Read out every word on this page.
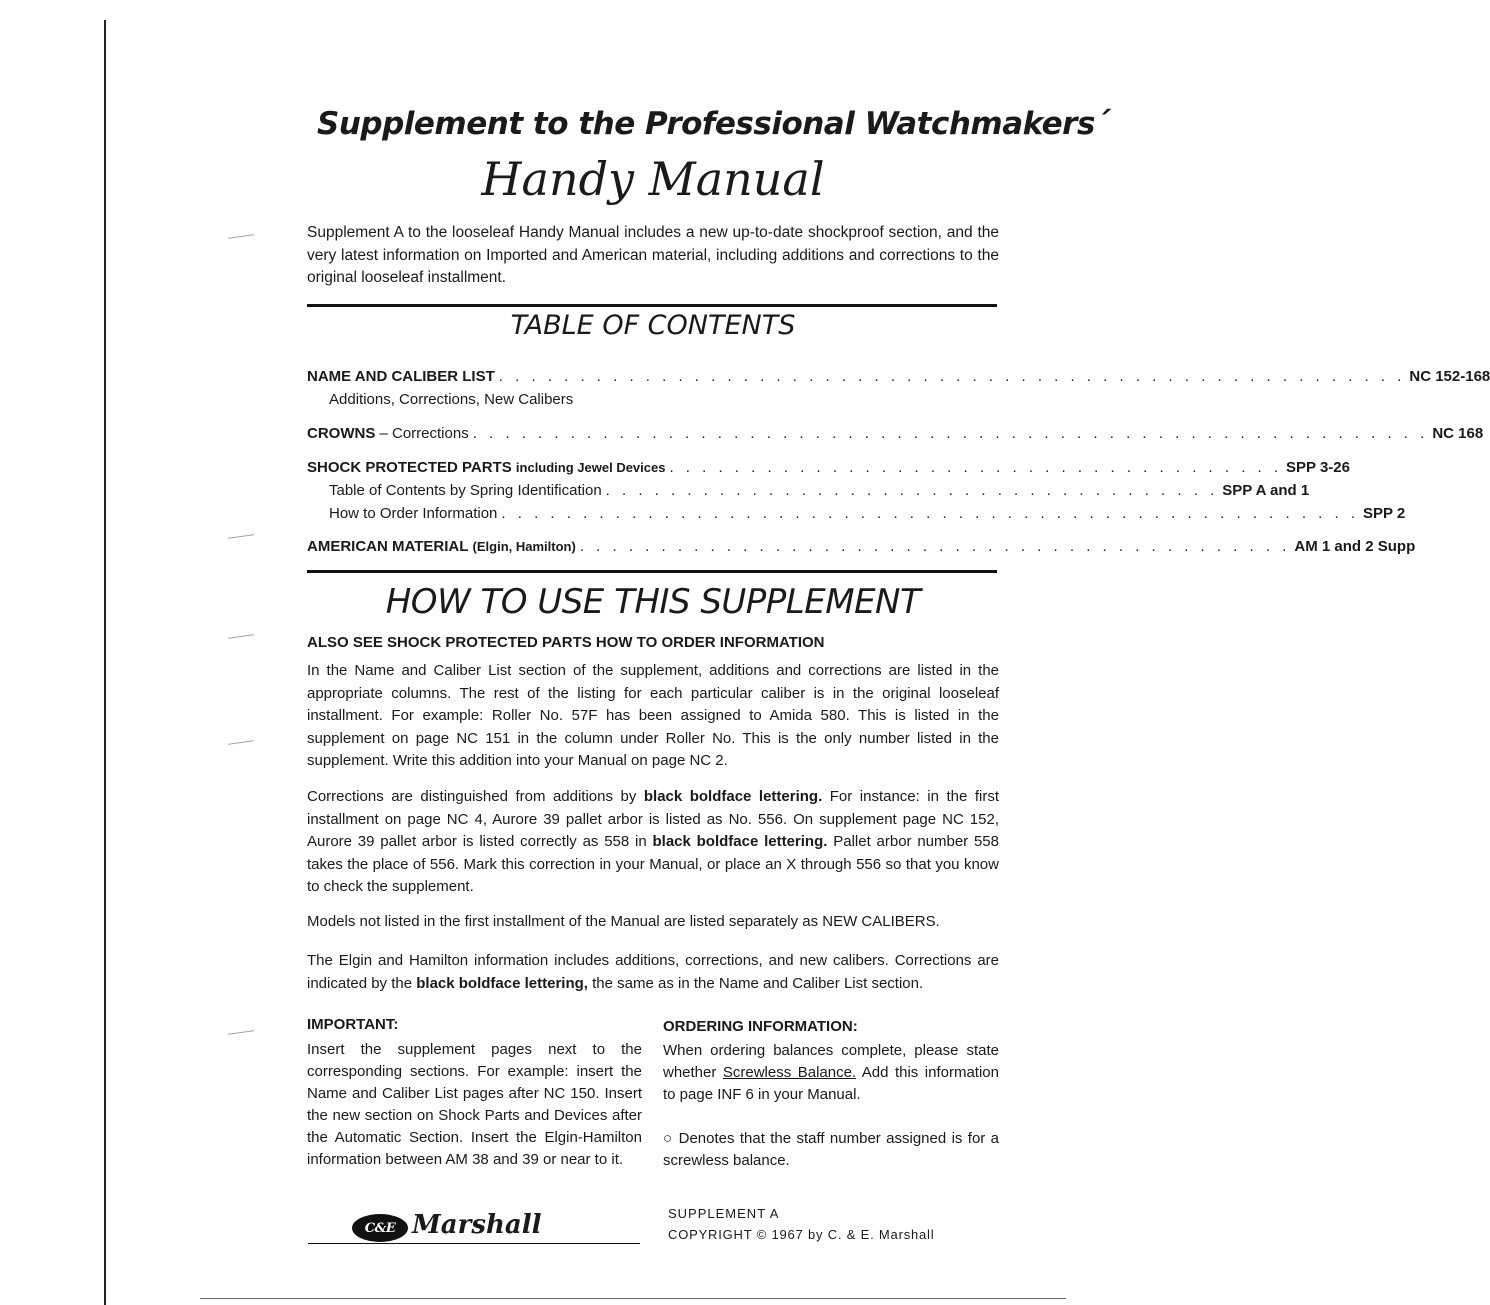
Supplement to the Professional Watchmakers´
Handy Manual
Supplement A to the looseleaf Handy Manual includes a new up-to-date shockproof section, and the very latest information on Imported and American material, including additions and corrections to the original looseleaf installment.
TABLE OF CONTENTS
NAME AND CALIBER LIST . . . . . . . . . . . . . . . . . . . . . . . . . . . . . . . . . . . . . . . . . . . . . . . . . . . . . . . . NC 152-168
Additions, Corrections, New Calibers
CROWNS – Corrections . . . . . . . . . . . . . . . . . . . . . . . . . . . . . . . . . . . . . . . . . . . . . . . . . . . . . . . . . . . NC 168
SHOCK PROTECTED PARTS including Jewel Devices . . . . . . . . . . . . . . . . . . . . . . . . . . . . . . . . . . . . . . SPP 3-26
Table of Contents by Spring Identification . . . . . . . . . . . . . . . . . . . . . . . . . . . . . . . . . . . . . . SPP A and 1
How to Order Information . . . . . . . . . . . . . . . . . . . . . . . . . . . . . . . . . . . . . . . . . . . . . . . . . . . . . SPP 2
AMERICAN MATERIAL (Elgin, Hamilton) . . . . . . . . . . . . . . . . . . . . . . . . . . . . . . . . . . . . . . . . . . . . AM 1 and 2 Supp
HOW TO USE THIS SUPPLEMENT
ALSO SEE SHOCK PROTECTED PARTS HOW TO ORDER INFORMATION
In the Name and Caliber List section of the supplement, additions and corrections are listed in the appropriate columns. The rest of the listing for each particular caliber is in the original looseleaf installment. For example: Roller No. 57F has been assigned to Amida 580. This is listed in the supplement on page NC 151 in the column under Roller No. This is the only number listed in the supplement. Write this addition into your Manual on page NC 2.
Corrections are distinguished from additions by black boldface lettering. For instance: in the first installment on page NC 4, Aurore 39 pallet arbor is listed as No. 556. On supplement page NC 152, Aurore 39 pallet arbor is listed correctly as 558 in black boldface lettering. Pallet arbor number 558 takes the place of 556. Mark this correction in your Manual, or place an X through 556 so that you know to check the supplement.
Models not listed in the first installment of the Manual are listed separately as NEW CALIBERS.
The Elgin and Hamilton information includes additions, corrections, and new calibers. Corrections are indicated by the black boldface lettering, the same as in the Name and Caliber List section.
IMPORTANT:
Insert the supplement pages next to the corresponding sections. For example: insert the Name and Caliber List pages after NC 150. Insert the new section on Shock Parts and Devices after the Automatic Section. Insert the Elgin-Hamilton information between AM 38 and 39 or near to it.
ORDERING INFORMATION:
When ordering balances complete, please state whether Screwless Balance. Add this information to page INF 6 in your Manual.
○ Denotes that the staff number assigned is for a screwless balance.
C&E Marshall	SUPPLEMENT A
COPYRIGHT © 1967 by C. & E. Marshall
